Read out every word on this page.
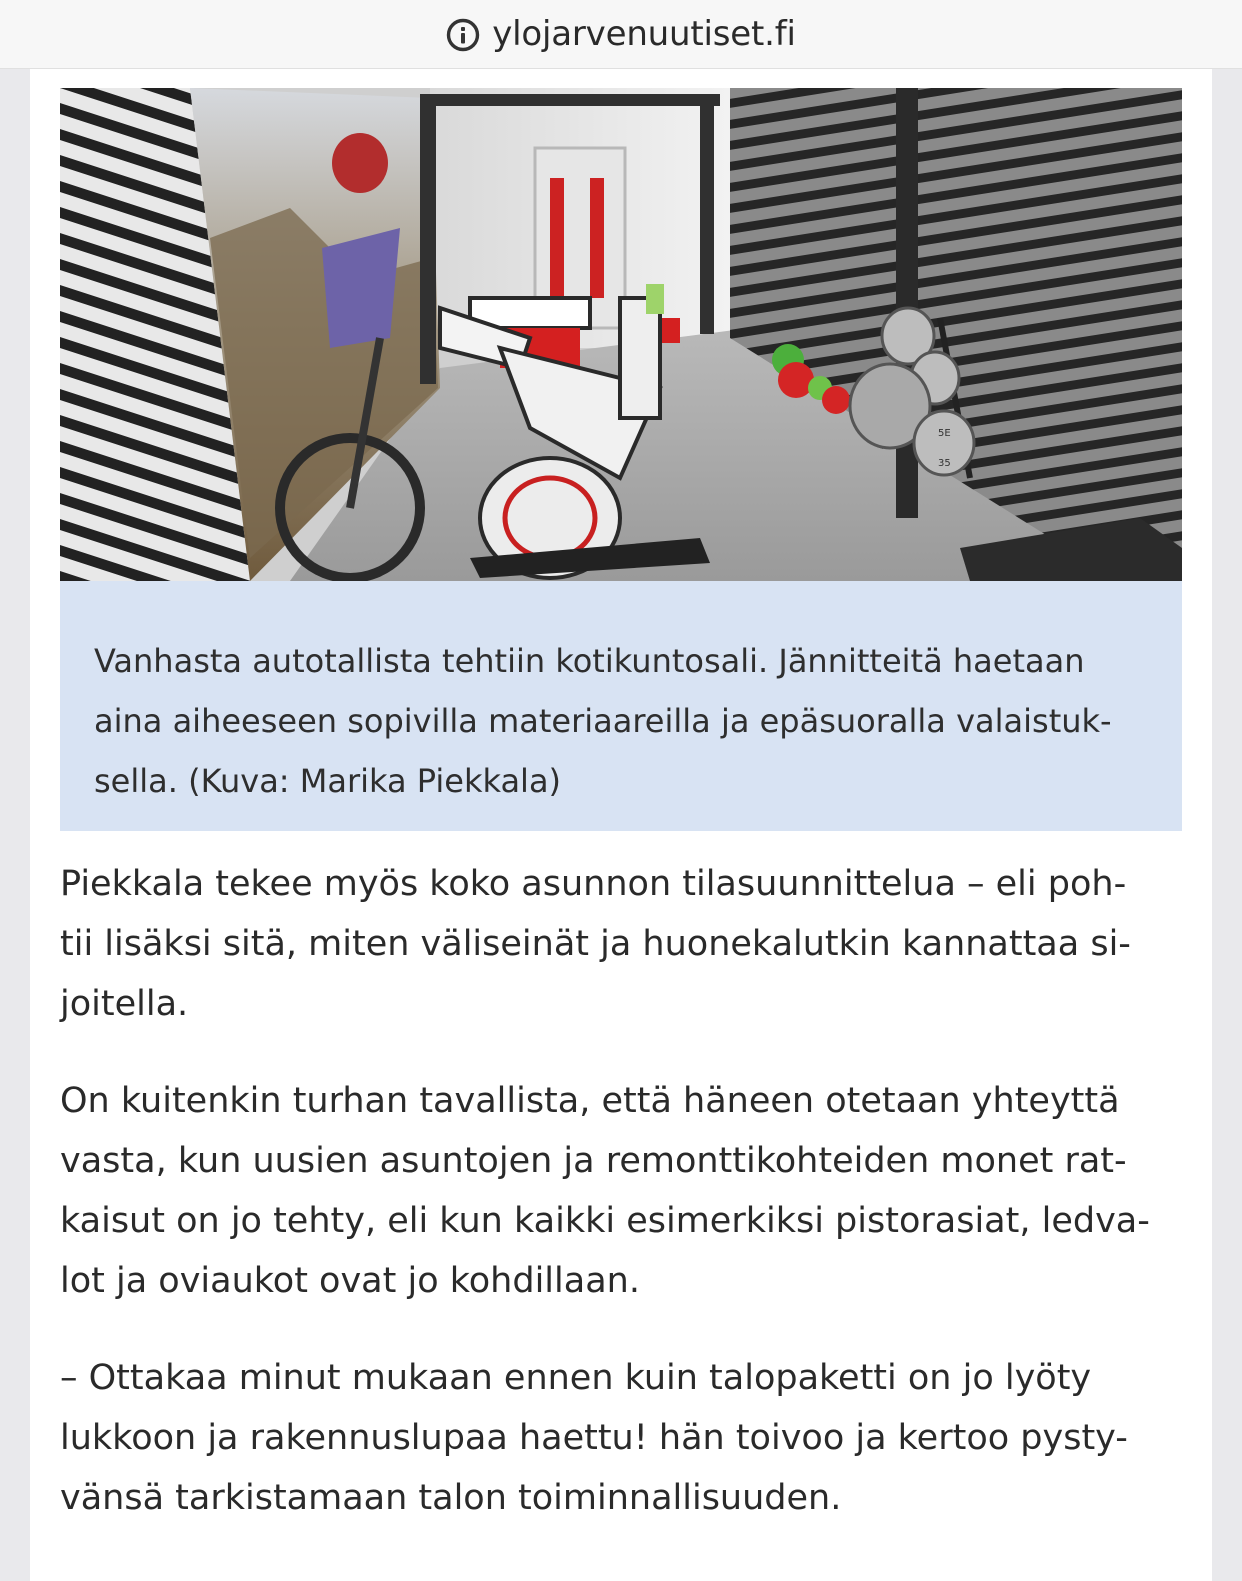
ylojarvenuutiset.fi
5E
35

Vanhasta autotallista tehtiin kotikuntosali. Jännitteitä haetaan
aina aiheeseen sopivilla materiaareilla ja epäsuoralla valaistuk-
sella. (Kuva: Marika Piekkala)

Piekkala tekee myös koko asunnon tilasuunnittelua – eli poh-
tii lisäksi sitä, miten väliseinät ja huonekalutkin kannattaa si-
joitella.

On kuitenkin turhan tavallista, että häneen otetaan yhteyttä
vasta, kun uusien asuntojen ja remonttikohteiden monet rat-
kaisut on jo tehty, eli kun kaikki esimerkiksi pistorasiat, ledva-
lot ja oviaukot ovat jo kohdillaan.

– Ottakaa minut mukaan ennen kuin talopaketti on jo lyöty
lukkoon ja rakennuslupaa haettu! hän toivoo ja kertoo pysty-
vänsä tarkistamaan talon toiminnallisuuden.
